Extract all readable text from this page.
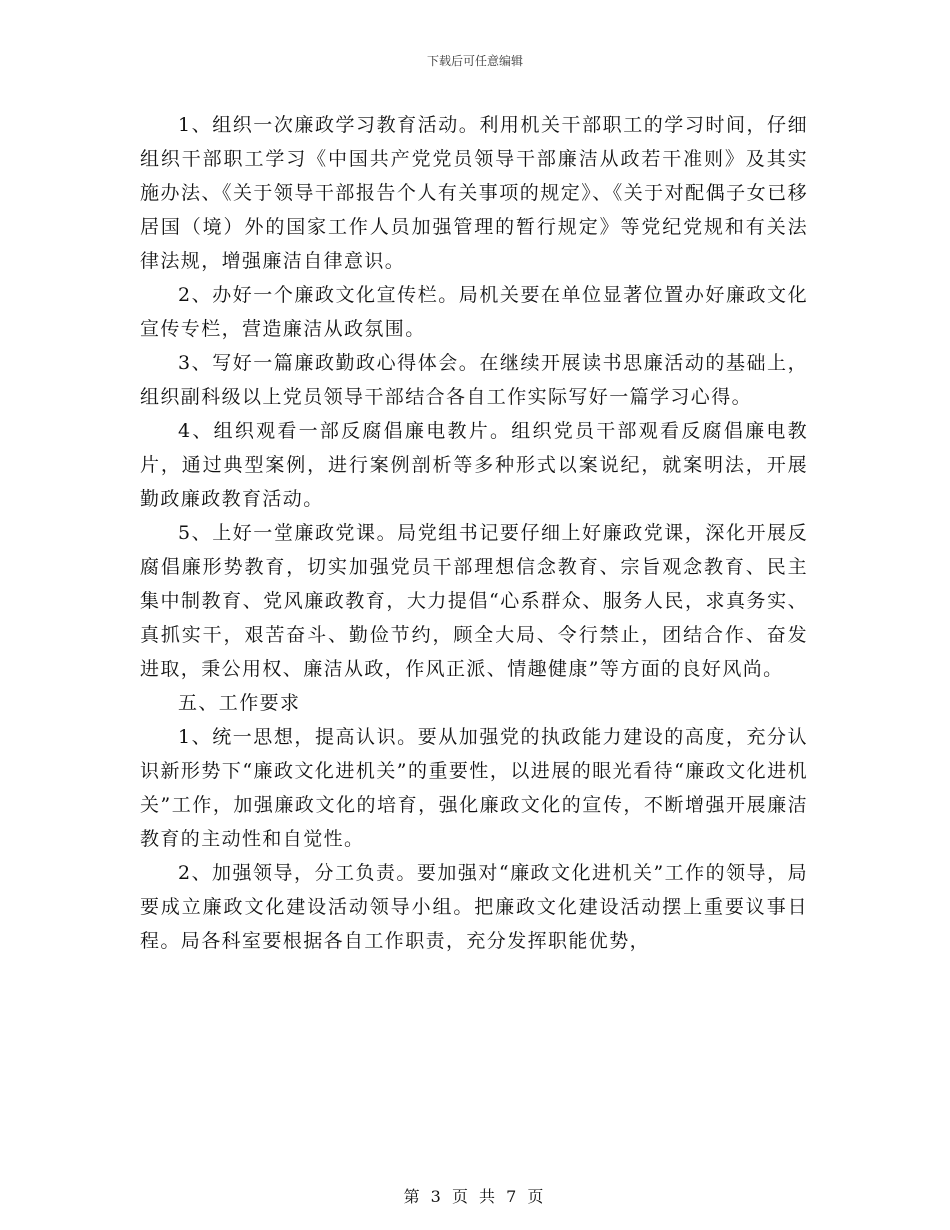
下载后可任意编辑

1、组织一次廉政学习教育活动。利用机关干部职工的学习时间，仔细组织干部职工学习《中国共产党党员领导干部廉洁从政若干准则》及其实施办法、《关于领导干部报告个人有关事项的规定》、《关于对配偶子女已移居国（境）外的国家工作人员加强管理的暂行规定》等党纪党规和有关法律法规，增强廉洁自律意识。

2、办好一个廉政文化宣传栏。局机关要在单位显著位置办好廉政文化宣传专栏，营造廉洁从政氛围。

3、写好一篇廉政勤政心得体会。在继续开展读书思廉活动的基础上，组织副科级以上党员领导干部结合各自工作实际写好一篇学习心得。

4、组织观看一部反腐倡廉电教片。组织党员干部观看反腐倡廉电教片，通过典型案例，进行案例剖析等多种形式以案说纪，就案明法，开展勤政廉政教育活动。

5、上好一堂廉政党课。局党组书记要仔细上好廉政党课，深化开展反腐倡廉形势教育，切实加强党员干部理想信念教育、宗旨观念教育、民主集中制教育、党风廉政教育，大力提倡“心系群众、服务人民，求真务实、真抓实干，艰苦奋斗、勤俭节约，顾全大局、令行禁止，团结合作、奋发进取，秉公用权、廉洁从政，作风正派、情趣健康”等方面的良好风尚。

五、工作要求

1、统一思想，提高认识。要从加强党的执政能力建设的高度，充分认识新形势下“廉政文化进机关”的重要性，以进展的眼光看待“廉政文化进机关”工作，加强廉政文化的培育，强化廉政文化的宣传，不断增强开展廉洁教育的主动性和自觉性。

2、加强领导，分工负责。要加强对“廉政文化进机关”工作的领导，局要成立廉政文化建设活动领导小组。把廉政文化建设活动摆上重要议事日程。局各科室要根据各自工作职责，充分发挥职能优势，

第 3 页 共 7 页
